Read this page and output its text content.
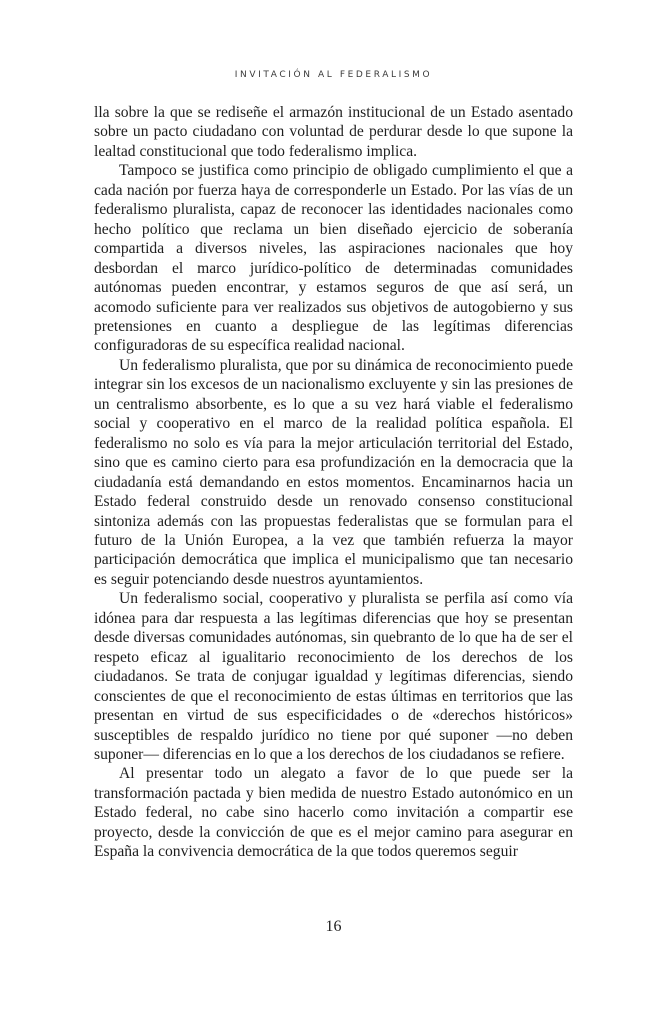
INVITACIÓN AL FEDERALISMO

lla sobre la que se rediseñe el armazón institucional de un Estado asentado sobre un pacto ciudadano con voluntad de perdurar desde lo que supone la lealtad constitucional que todo federalismo implica.

Tampoco se justifica como principio de obligado cumplimiento el que a cada nación por fuerza haya de corresponderle un Estado. Por las vías de un federalismo pluralista, capaz de reconocer las identidades nacionales como hecho político que reclama un bien diseñado ejercicio de soberanía compartida a diversos niveles, las aspiraciones nacionales que hoy desbordan el marco jurídico-político de determinadas comunidades autónomas pueden encontrar, y estamos seguros de que así será, un acomodo suficiente para ver realizados sus objetivos de autogobierno y sus pretensiones en cuanto a despliegue de las legítimas diferencias configuradoras de su específica realidad nacional.

Un federalismo pluralista, que por su dinámica de reconocimiento puede integrar sin los excesos de un nacionalismo excluyente y sin las presiones de un centralismo absorbente, es lo que a su vez hará viable el federalismo social y cooperativo en el marco de la realidad política española. El federalismo no solo es vía para la mejor articulación territorial del Estado, sino que es camino cierto para esa profundización en la democracia que la ciudadanía está demandando en estos momentos. Encaminarnos hacia un Estado federal construido desde un renovado consenso constitucional sintoniza además con las propuestas federalistas que se formulan para el futuro de la Unión Europea, a la vez que también refuerza la mayor participación democrática que implica el municipalismo que tan necesario es seguir potenciando desde nuestros ayuntamientos.

Un federalismo social, cooperativo y pluralista se perfila así como vía idónea para dar respuesta a las legítimas diferencias que hoy se presentan desde diversas comunidades autónomas, sin quebranto de lo que ha de ser el respeto eficaz al igualitario reconocimiento de los derechos de los ciudadanos. Se trata de conjugar igualdad y legítimas diferencias, siendo conscientes de que el reconocimiento de estas últimas en territorios que las presentan en virtud de sus especificidades o de «derechos históricos» susceptibles de respaldo jurídico no tiene por qué suponer —no deben suponer— diferencias en lo que a los derechos de los ciudadanos se refiere.

Al presentar todo un alegato a favor de lo que puede ser la transformación pactada y bien medida de nuestro Estado autonómico en un Estado federal, no cabe sino hacerlo como invitación a compartir ese proyecto, desde la convicción de que es el mejor camino para asegurar en España la convivencia democrática de la que todos queremos seguir

16
